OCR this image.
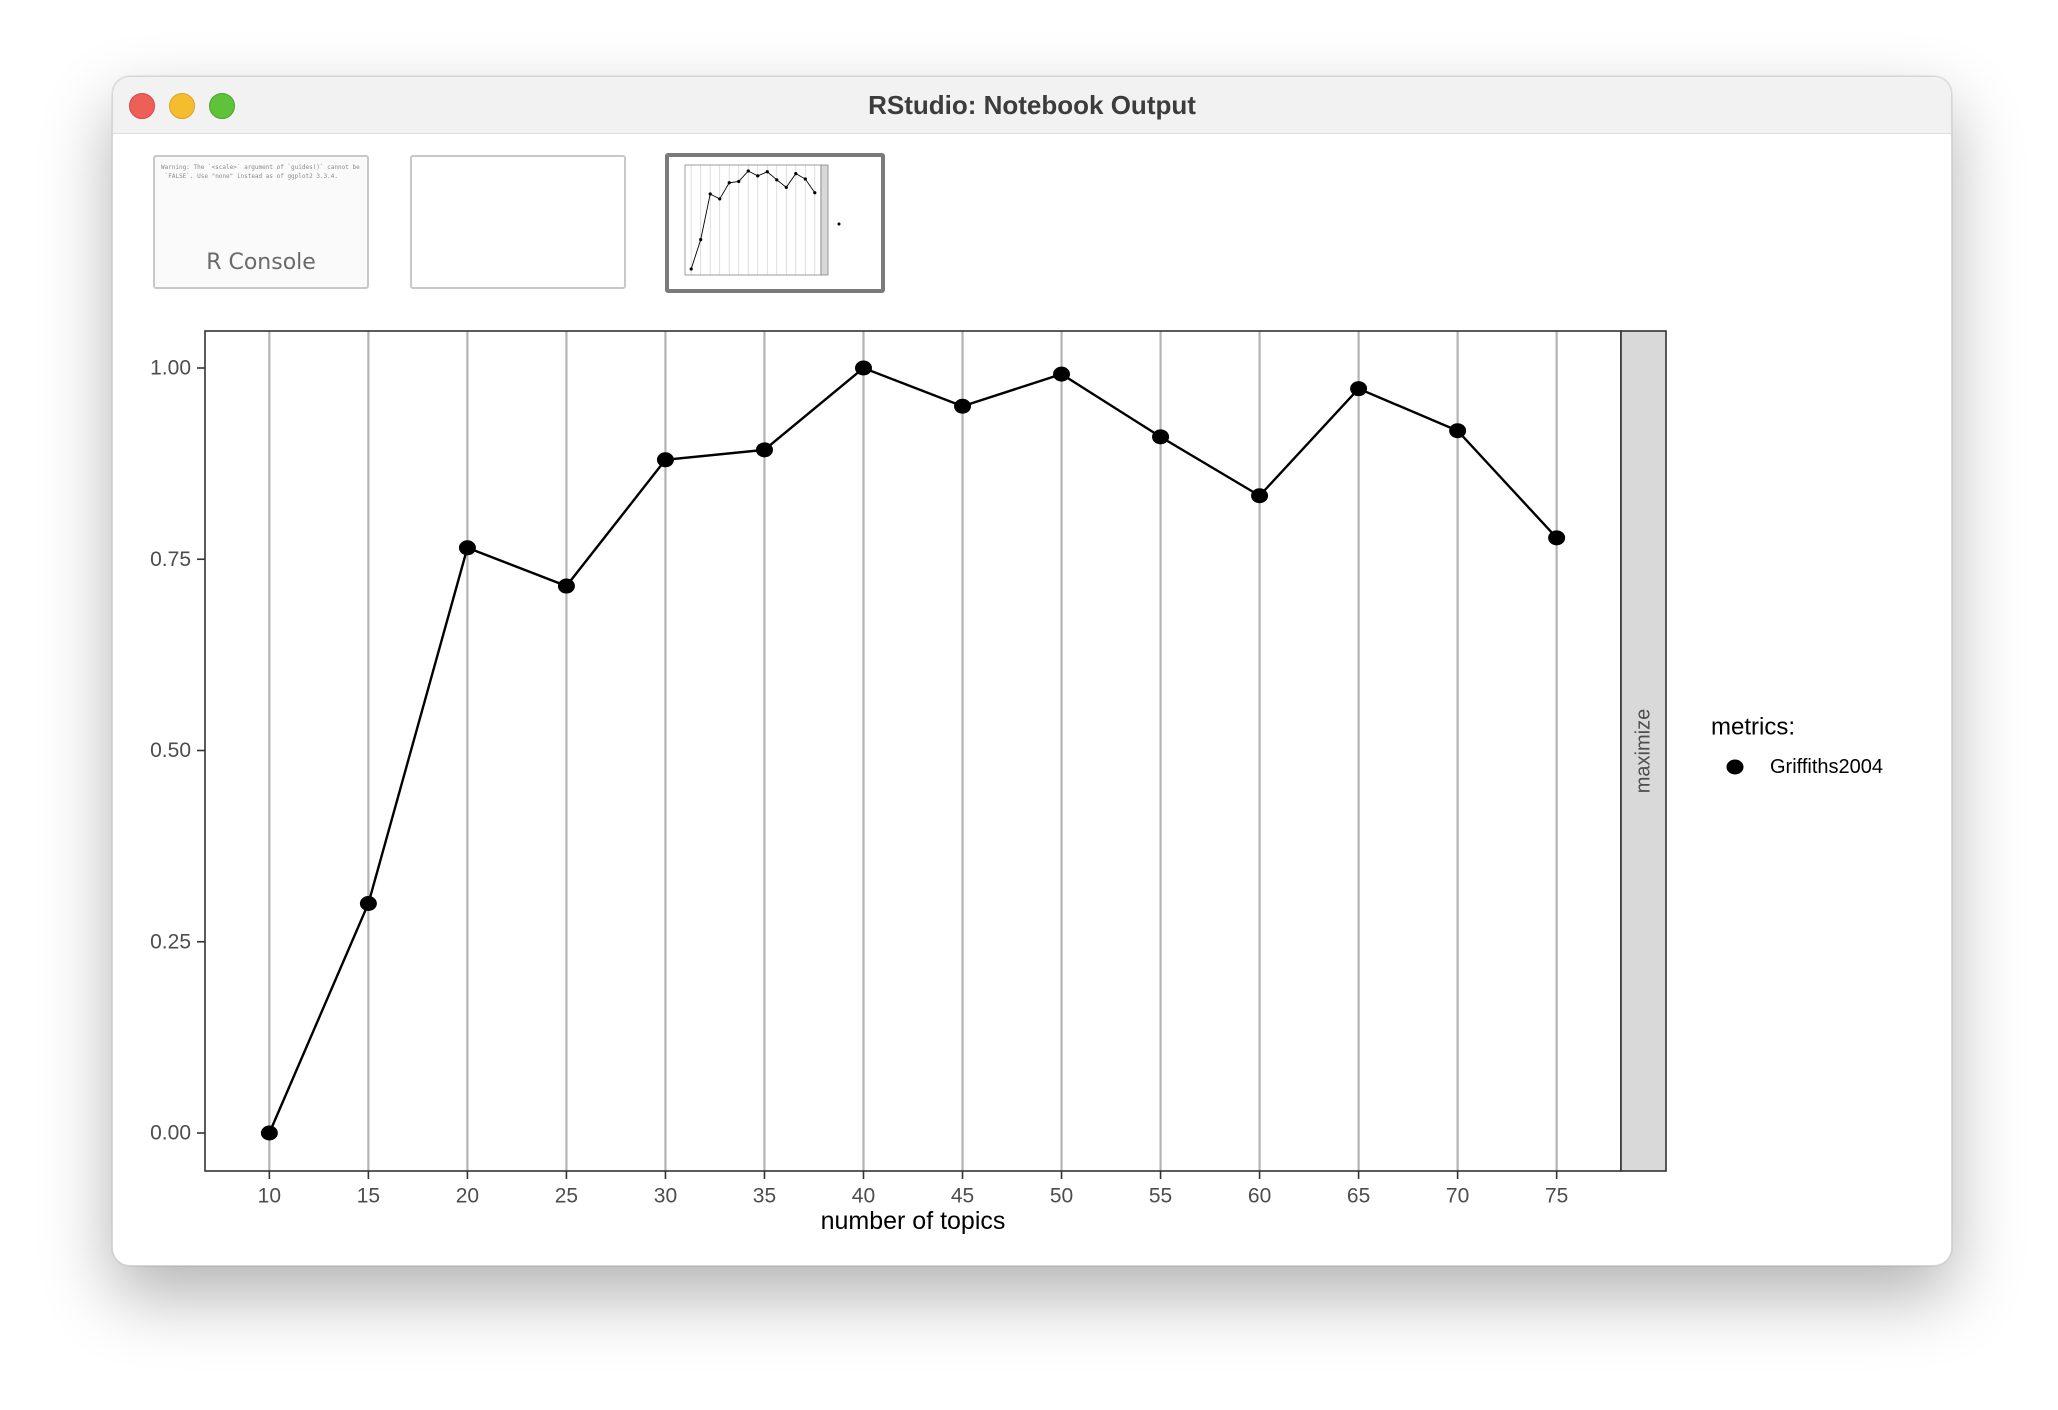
RStudio: Notebook Output
Warning: The `<scale>` argument of `guides()` cannot be
`FALSE`. Use "none" instead as of ggplot2 3.3.4.
R Console
maximize
0.00
0.25
0.50
0.75
1.00
10	15	20	25	30	35	40	45	50	55	60	65	70	75
number of topics
metrics:
Griffiths2004
